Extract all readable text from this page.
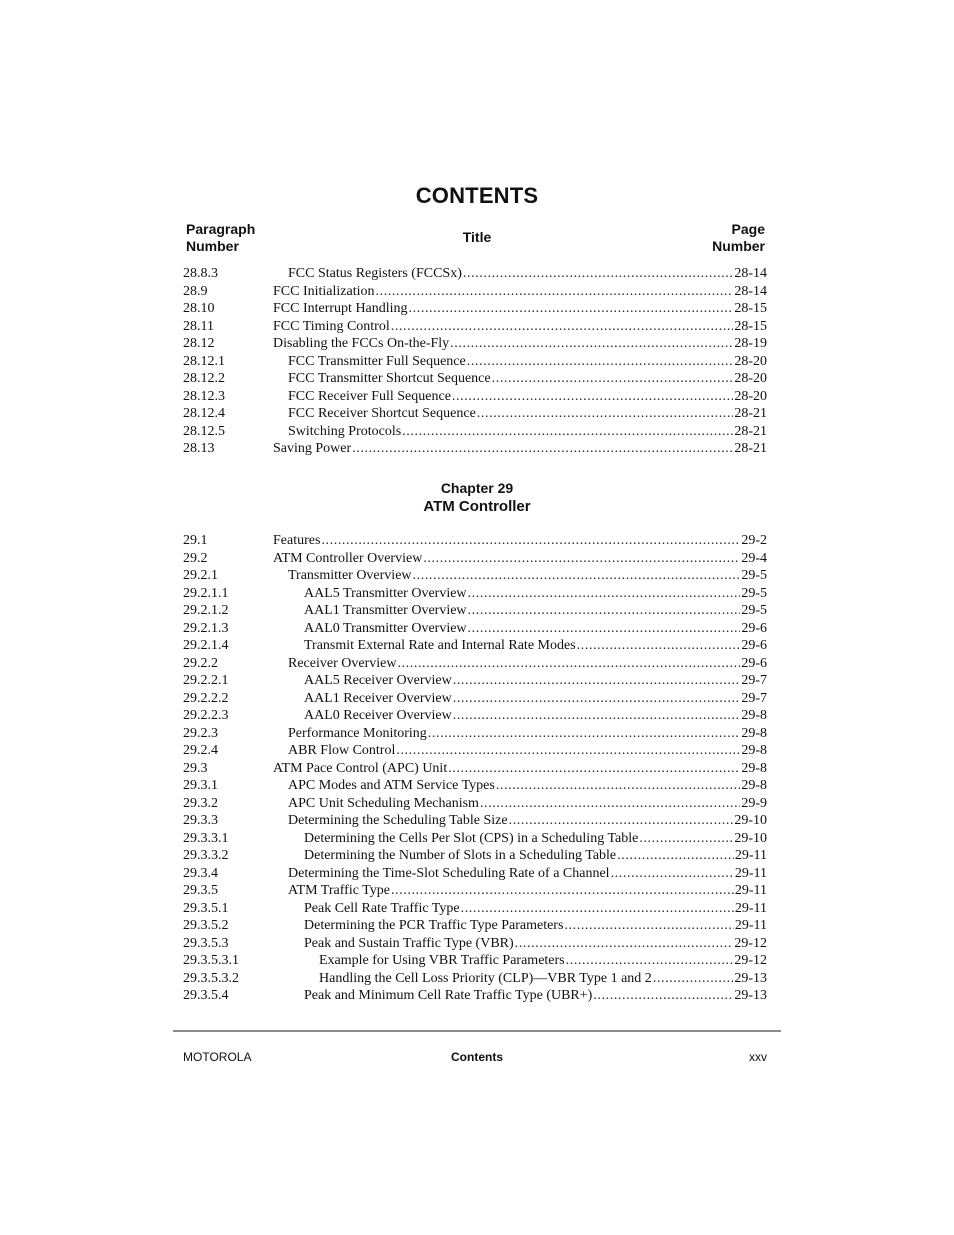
CONTENTS
Paragraph
Number
Title	Page
Number
28.8.3	FCC Status Registers (FCCSx) .....	28-14
28.9	FCC Initialization .....	28-14
28.10	FCC Interrupt Handling .....	28-15
28.11	FCC Timing Control .....	28-15
28.12	Disabling the FCCs On-the-Fly .....	28-19
28.12.1	FCC Transmitter Full Sequence .....	28-20
28.12.2	FCC Transmitter Shortcut Sequence .....	28-20
28.12.3	FCC Receiver Full Sequence .....	28-20
28.12.4	FCC Receiver Shortcut Sequence .....	28-21
28.12.5	Switching Protocols .....	28-21
28.13	Saving Power .....	28-21
Chapter 29
ATM Controller
29.1	Features .....	29-2
29.2	ATM Controller Overview .....	29-4
29.2.1	Transmitter Overview .....	29-5
29.2.1.1	AAL5 Transmitter Overview .....	29-5
29.2.1.2	AAL1 Transmitter Overview .....	29-5
29.2.1.3	AAL0 Transmitter Overview .....	29-6
29.2.1.4	Transmit External Rate and Internal Rate Modes .....	29-6
29.2.2	Receiver Overview .....	29-6
29.2.2.1	AAL5 Receiver Overview .....	29-7
29.2.2.2	AAL1 Receiver Overview .....	29-7
29.2.2.3	AAL0 Receiver Overview .....	29-8
29.2.3	Performance Monitoring .....	29-8
29.2.4	ABR Flow Control .....	29-8
29.3	ATM Pace Control (APC) Unit .....	29-8
29.3.1	APC Modes and ATM Service Types .....	29-8
29.3.2	APC Unit Scheduling Mechanism .....	29-9
29.3.3	Determining the Scheduling Table Size .....	29-10
29.3.3.1	Determining the Cells Per Slot (CPS) in a Scheduling Table .....	29-10
29.3.3.2	Determining the Number of Slots in a Scheduling Table .....	29-11
29.3.4	Determining the Time-Slot Scheduling Rate of a Channel .....	29-11
29.3.5	ATM Traffic Type .....	29-11
29.3.5.1	Peak Cell Rate Traffic Type .....	29-11
29.3.5.2	Determining the PCR Traffic Type Parameters .....	29-11
29.3.5.3	Peak and Sustain Traffic Type (VBR) .....	29-12
29.3.5.3.1	Example for Using VBR Traffic Parameters .....	29-12
29.3.5.3.2	Handling the Cell Loss Priority (CLP)—VBR Type 1 and 2 .....	29-13
29.3.5.4	Peak and Minimum Cell Rate Traffic Type (UBR+) .....	29-13
MOTOROLA	Contents	xxv
